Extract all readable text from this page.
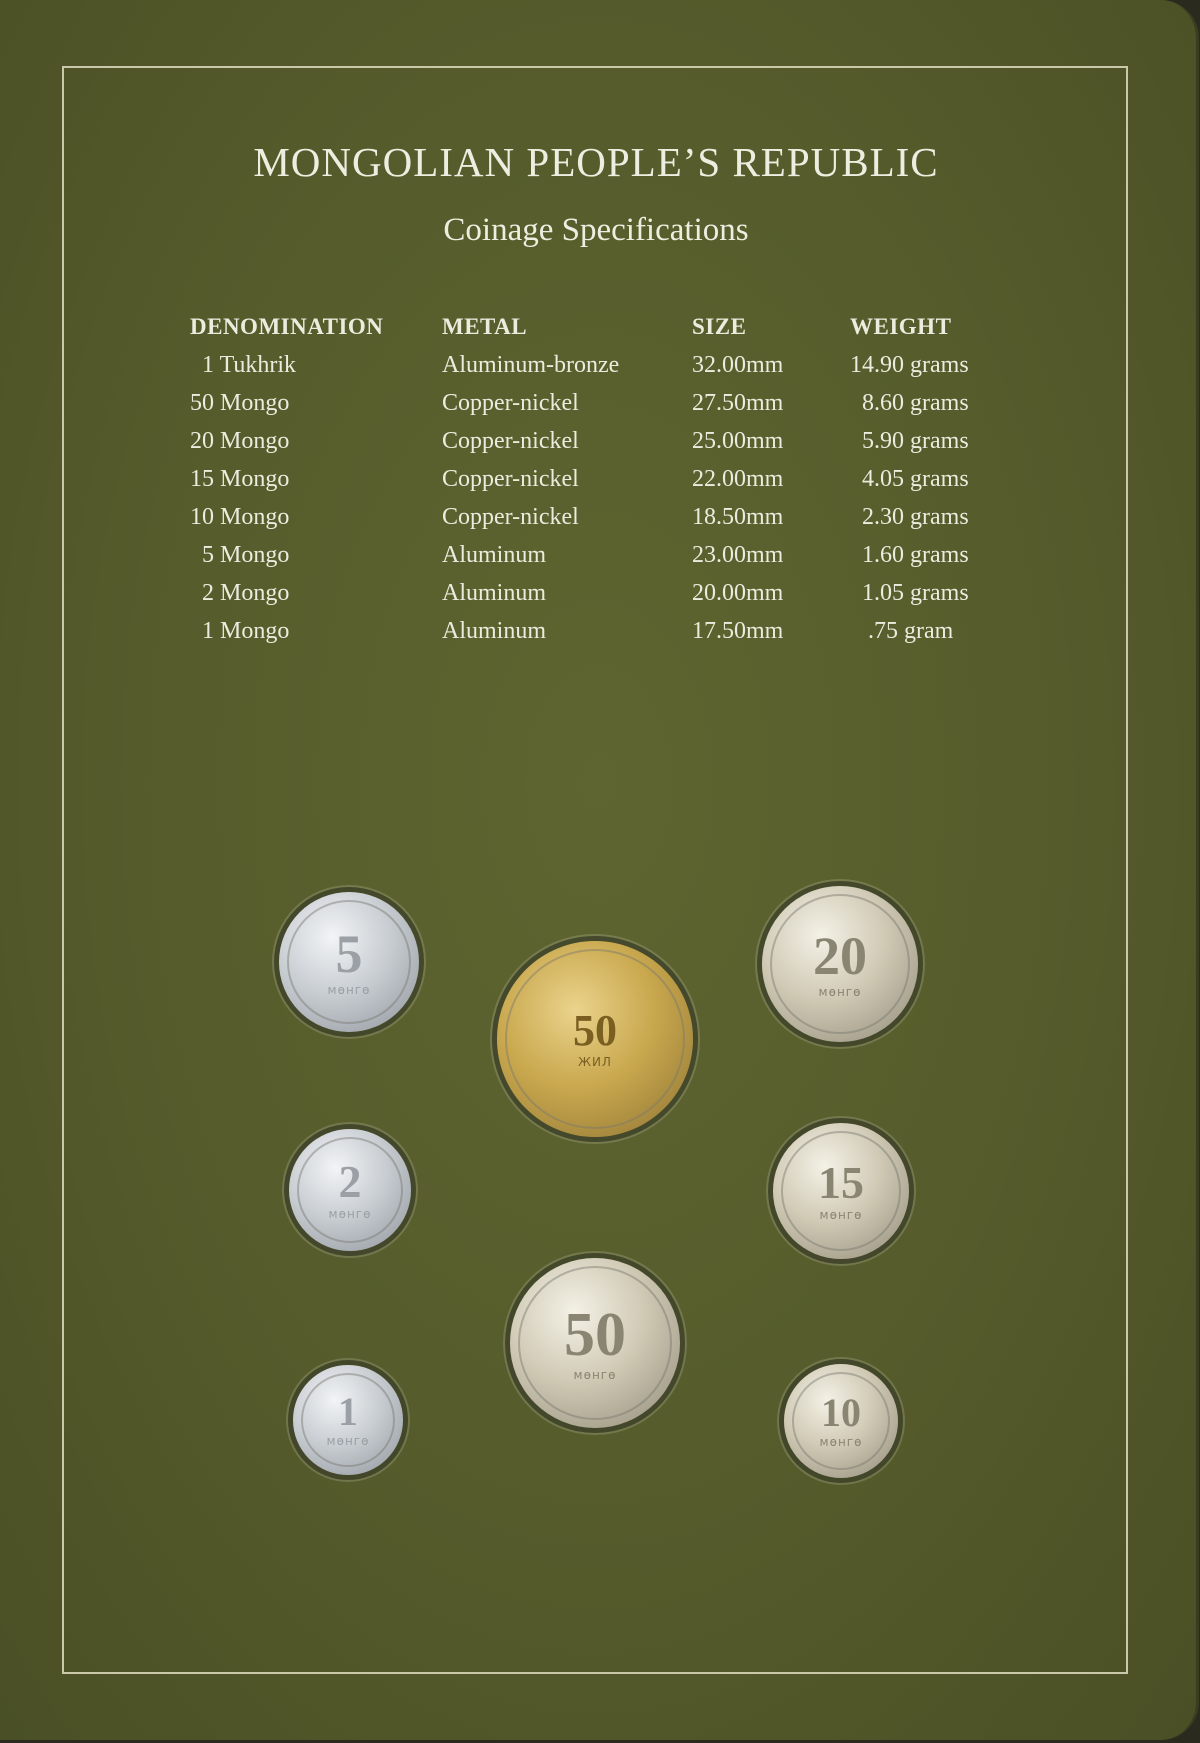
MONGOLIAN PEOPLE’S REPUBLIC
Coinage Specifications
DENOMINATION	METAL	SIZE	WEIGHT
1 Tukhrik	Aluminum-bronze	32.00mm	14.90 grams
50 Mongo	Copper-nickel	27.50mm	8.60 grams
20 Mongo	Copper-nickel	25.00mm	5.90 grams
15 Mongo	Copper-nickel	22.00mm	4.05 grams
10 Mongo	Copper-nickel	18.50mm	2.30 grams
5 Mongo	Aluminum	23.00mm	1.60 grams
2 Mongo	Aluminum	20.00mm	1.05 grams
1 Mongo	Aluminum	17.50mm	.75 gram
5
мөнгө
50
ЖИЛ
20
мөнгө
2
мөнгө
15
мөнгө
50
мөнгө
1
мөнгө
10
мөнгө
